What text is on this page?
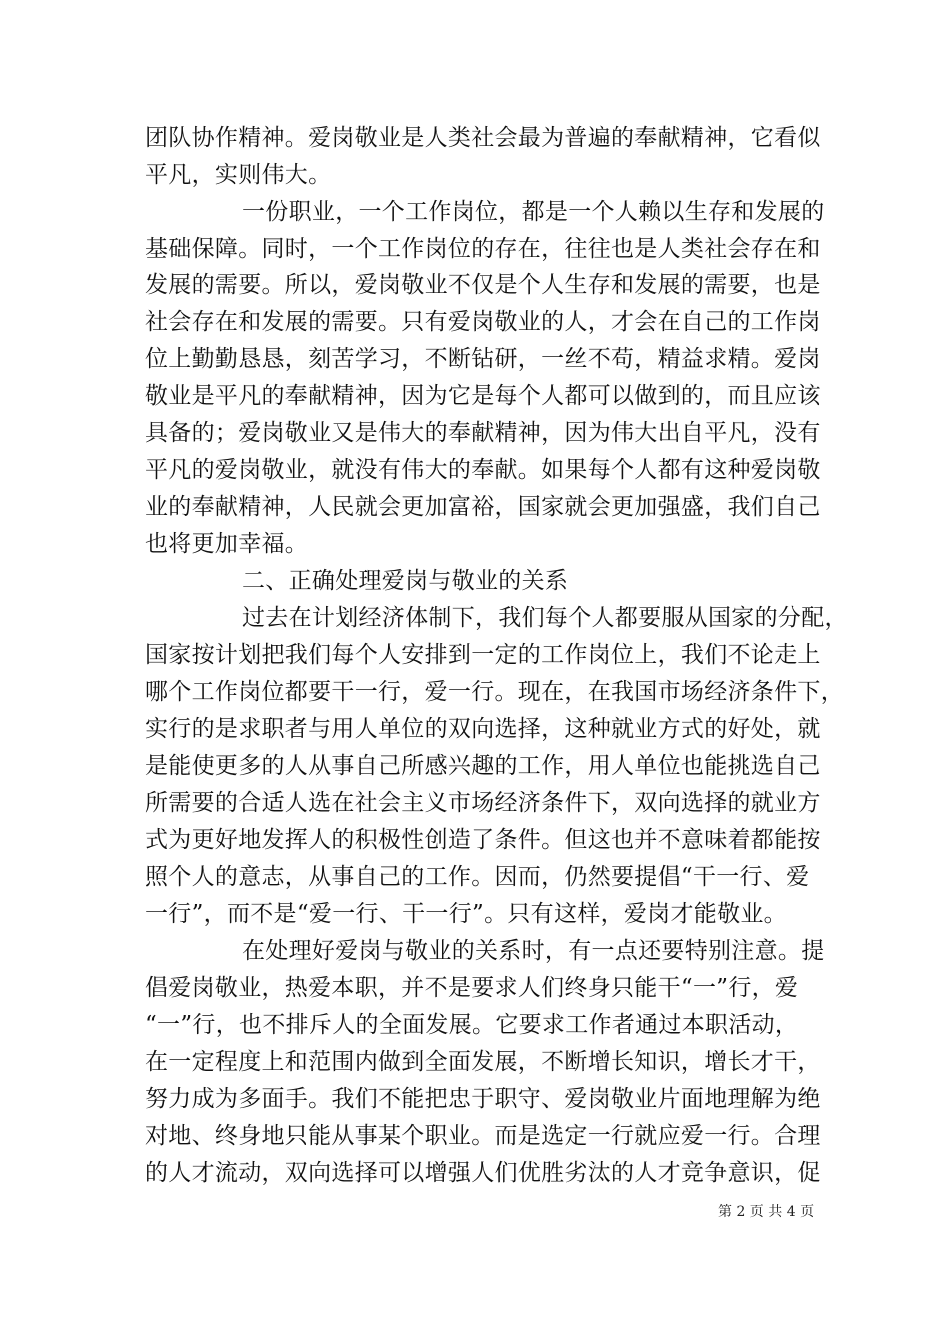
团队协作精神。爱岗敬业是人类社会最为普遍的奉献精神，它看似
平凡，实则伟大。
一份职业，一个工作岗位，都是一个人赖以生存和发展的
基础保障。同时，一个工作岗位的存在，往往也是人类社会存在和
发展的需要。所以，爱岗敬业不仅是个人生存和发展的需要，也是
社会存在和发展的需要。只有爱岗敬业的人，才会在自己的工作岗
位上勤勤恳恳，刻苦学习，不断钻研，一丝不苟，精益求精。爱岗
敬业是平凡的奉献精神，因为它是每个人都可以做到的，而且应该
具备的；爱岗敬业又是伟大的奉献精神，因为伟大出自平凡，没有
平凡的爱岗敬业，就没有伟大的奉献。如果每个人都有这种爱岗敬
业的奉献精神，人民就会更加富裕，国家就会更加强盛，我们自己
也将更加幸福。
二、正确处理爱岗与敬业的关系
过去在计划经济体制下，我们每个人都要服从国家的分配，
国家按计划把我们每个人安排到一定的工作岗位上，我们不论走上
哪个工作岗位都要干一行，爱一行。现在，在我国市场经济条件下，
实行的是求职者与用人单位的双向选择，这种就业方式的好处，就
是能使更多的人从事自己所感兴趣的工作，用人单位也能挑选自己
所需要的合适人选在社会主义市场经济条件下，双向选择的就业方
式为更好地发挥人的积极性创造了条件。但这也并不意味着都能按
照个人的意志，从事自己的工作。因而，仍然要提倡“干一行、爱
一行”，而不是“爱一行、干一行”。只有这样，爱岗才能敬业。
在处理好爱岗与敬业的关系时，有一点还要特别注意。提
倡爱岗敬业，热爱本职，并不是要求人们终身只能干“一”行，爱
“一”行，也不排斥人的全面发展。它要求工作者通过本职活动，
在一定程度上和范围内做到全面发展，不断增长知识，增长才干，
努力成为多面手。我们不能把忠于职守、爱岗敬业片面地理解为绝
对地、终身地只能从事某个职业。而是选定一行就应爱一行。合理
的人才流动，双向选择可以增强人们优胜劣汰的人才竞争意识，促
第 2 页 共 4 页
